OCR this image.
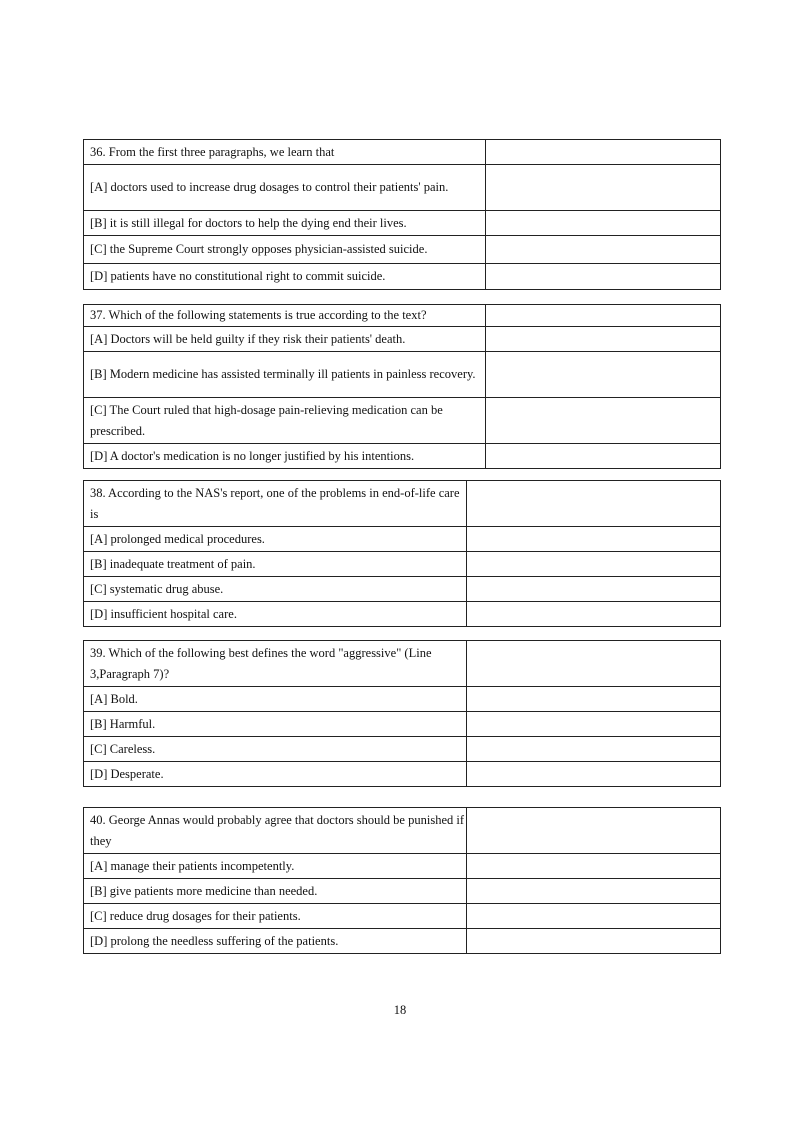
36. From the first three paragraphs, we learn that	
[A] doctors used to increase drug dosages to control their patients' pain.	
[B] it is still illegal for doctors to help the dying end their lives.	
[C] the Supreme Court strongly opposes physician-assisted suicide.	
[D] patients have no constitutional right to commit suicide.	
37. Which of the following statements is true according to the text?	
[A] Doctors will be held guilty if they risk their patients' death.	
[B] Modern medicine has assisted terminally ill patients in painless recovery.	
[C] The Court ruled that high-dosage pain-relieving medication can be prescribed.	
[D] A doctor's medication is no longer justified by his intentions.	
38. According to the NAS's report, one of the problems in end-of-life care is	
[A] prolonged medical procedures.	
[B] inadequate treatment of pain.	
[C] systematic drug abuse.	
[D] insufficient hospital care.	
39. Which of the following best defines the word "aggressive" (Line 3,Paragraph 7)?	
[A] Bold.	
[B] Harmful.	
[C] Careless.	
[D] Desperate.	
40. George Annas would probably agree that doctors should be punished if they	
[A] manage their patients incompetently.	
[B] give patients more medicine than needed.	
[C] reduce drug dosages for their patients.	
[D] prolong the needless suffering of the patients.	
18
